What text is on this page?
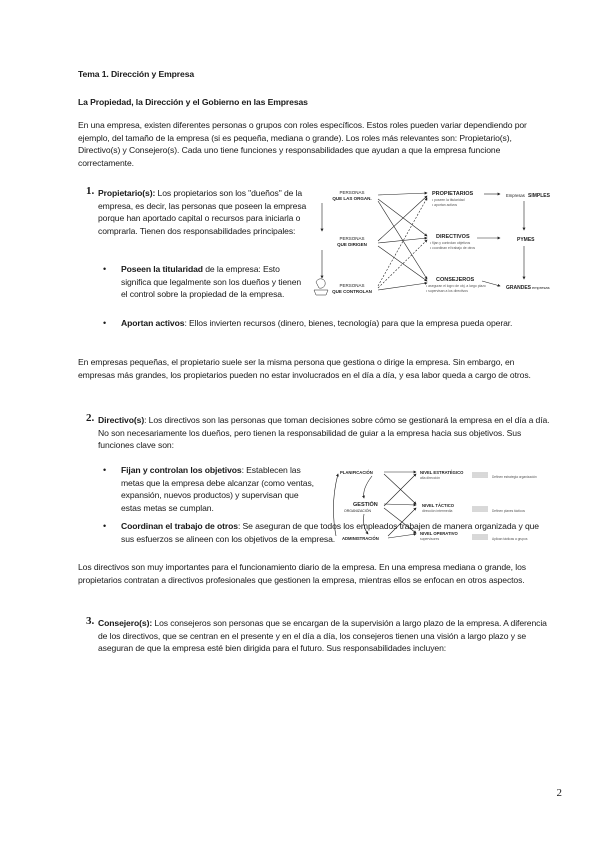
Tema 1. Dirección y Empresa
La Propiedad, la Dirección y el Gobierno en las Empresas
En una empresa, existen diferentes personas o grupos con roles específicos. Estos roles pueden variar dependiendo por ejemplo, del tamaño de la empresa (si es pequeña, mediana o grande). Los roles más relevantes son: Propietario(s), Directivo(s) y Consejero(s). Cada uno tiene funciones y responsabilidades que ayudan a que la empresa funcione correctamente.
1. Propietario(s): Los propietarios son los "dueños" de la empresa, es decir, las personas que poseen la empresa porque han aportado capital o recursos para iniciarla o comprarla. Tienen dos responsabilidades principales:
PERSONAS
QUE LAS ORGAN.
PERSONAS
QUE DIRIGEN
PERSONAS
QUE CONTROLAN
PROPIETARIOS
• poseen la titularidad
• aportan activos
DIRECTIVOS
• fijan y controlan objetivos
• coordinan el trabajo de otros
CONSEJEROS
• aseguran el logro de obj. a largo plazo
• supervisan a los directivos
Empresas SIMPLES
PYMES
GRANDES empresas
• Poseen la titularidad de la empresa: Esto significa que legalmente son los dueños y tienen el control sobre la propiedad de la empresa.
• Aportan activos: Ellos invierten recursos (dinero, bienes, tecnología) para que la empresa pueda operar.
En empresas pequeñas, el propietario suele ser la misma persona que gestiona o dirige la empresa. Sin embargo, en empresas más grandes, los propietarios pueden no estar involucrados en el día a día, y esa labor queda a cargo de otros.
2. Directivo(s): Los directivos son las personas que toman decisiones sobre cómo se gestionará la empresa en el día a día. No son necesariamente los dueños, pero tienen la responsabilidad de guiar a la empresa hacia sus objetivos. Sus funciones clave son:
PLANIFICACIÓN
GESTIÓN
ORGANIZACIÓN
ADMINISTRACIÓN
NIVEL ESTRATÉGICO
alta dirección
NIVEL TÁCTICO
dirección intermedia
NIVEL OPERATIVO
supervisores
Definen estrategia organización
Definen planes tácticos
Aplican tácticas a grupos
• Fijan y controlan los objetivos: Establecen las metas que la empresa debe alcanzar (como ventas, expansión, nuevos productos) y supervisan que estas metas se cumplan.
• Coordinan el trabajo de otros: Se aseguran de que todos los empleados trabajen de manera organizada y que sus esfuerzos se alineen con los objetivos de la empresa.
Los directivos son muy importantes para el funcionamiento diario de la empresa. En una empresa mediana o grande, los propietarios contratan a directivos profesionales que gestionen la empresa, mientras ellos se enfocan en otros aspectos.
3. Consejero(s): Los consejeros son personas que se encargan de la supervisión a largo plazo de la empresa. A diferencia de los directivos, que se centran en el presente y en el día a día, los consejeros tienen una visión a largo plazo y se aseguran de que la empresa esté bien dirigida para el futuro. Sus responsabilidades incluyen:
2
